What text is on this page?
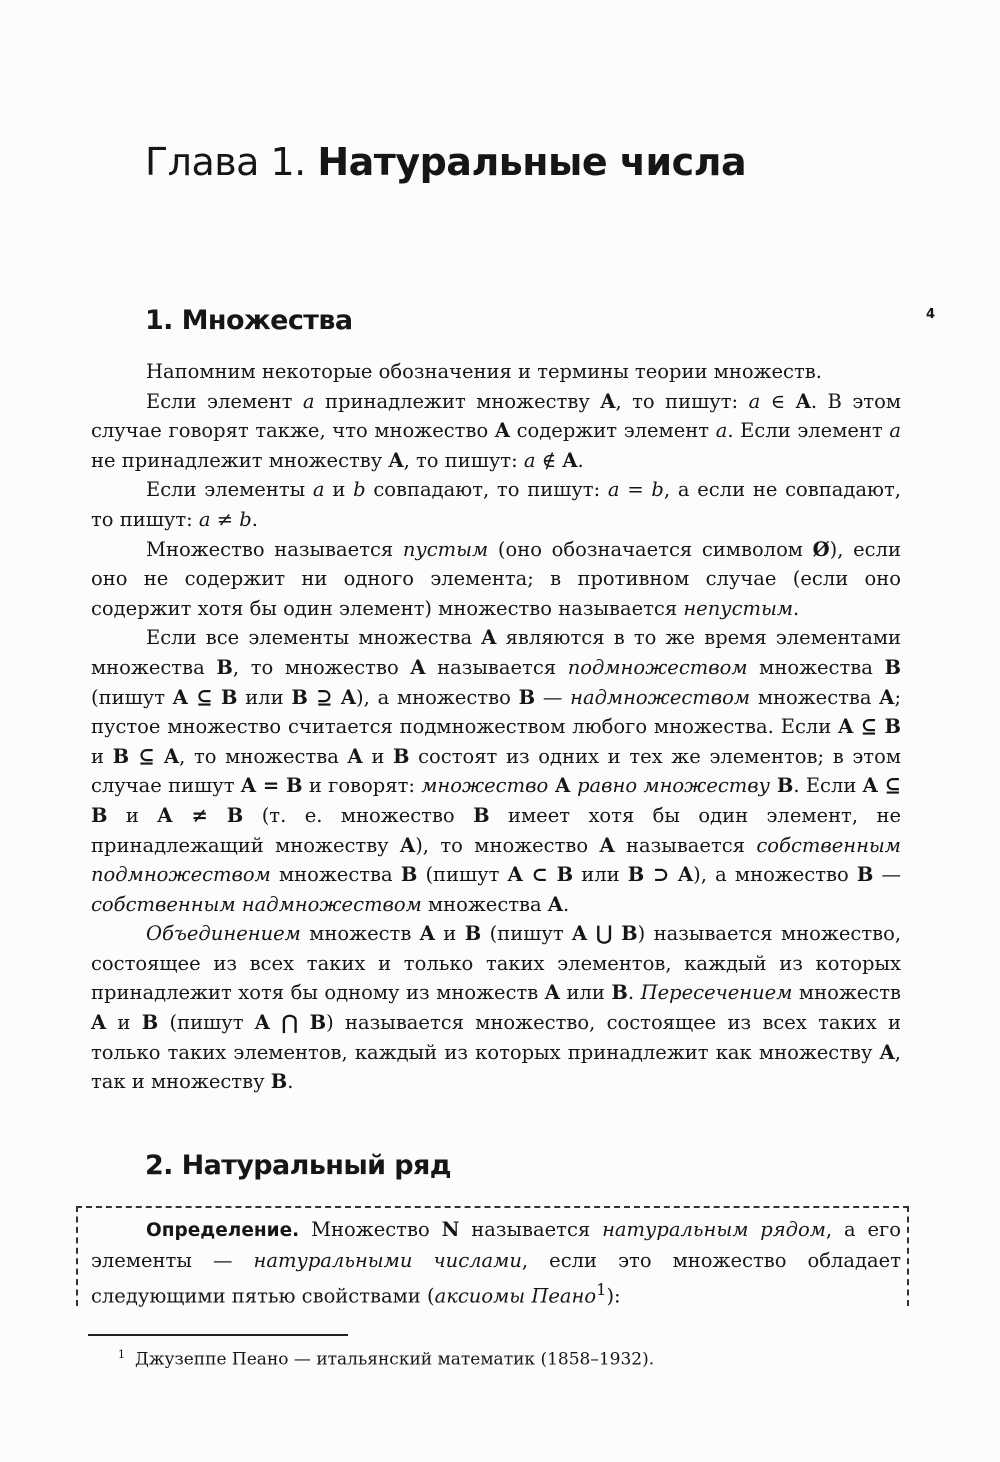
Глава 1. Натуральные числа
4
1. Множества

Напомним некоторые обозначения и термины теории множеств.

Если элемент a принадлежит множеству A, то пишут: a ∈ A. В этом случае говорят также, что множество A содержит элемент a. Если элемент a не принадлежит множеству A, то пишут: a ∉ A.

Если элементы a и b совпадают, то пишут: a = b, а если не совпадают, то пишут: a ≠ b.

Множество называется пустым (оно обозначается символом Ø), если оно не содержит ни одного элемента; в противном случае (если оно содержит хотя бы один элемент) множество называется непустым.

Если все элементы множества A являются в то же время элементами множества B, то множество A называется подмножеством множества B (пишут A ⊆ B или B ⊇ A), а множество B — надмножеством множества A; пустое множество считается подмножеством любого множества. Если A ⊆ B и B ⊆ A, то множества A и B состоят из одних и тех же элементов; в этом случае пишут A = B и говорят: множество A равно множеству B. Если A ⊆ B и A ≠ B (т. е. множество B имеет хотя бы один элемент, не принадлежащий множеству A), то множество A называется собственным подмножеством множества B (пишут A ⊂ B или B ⊃ A), а множество B — собственным надмножеством множества A.

Объединением множеств A и B (пишут A ⋃ B) называется множество, состоящее из всех таких и только таких элементов, каждый из которых принадлежит хотя бы одному из множеств A или B. Пересечением множеств A и B (пишут A ⋂ B) называется множество, состоящее из всех таких и только таких элементов, каждый из которых принадлежит как множеству A, так и множеству B.

2. Натуральный ряд

Определение. Множество N называется натуральным рядом, а его элементы — натуральными числами, если это множество обладает следующими пятью свойствами (аксиомы Пеано$^1$):

$^1$ Джузеппе Пеано — итальянский математик (1858–1932).
